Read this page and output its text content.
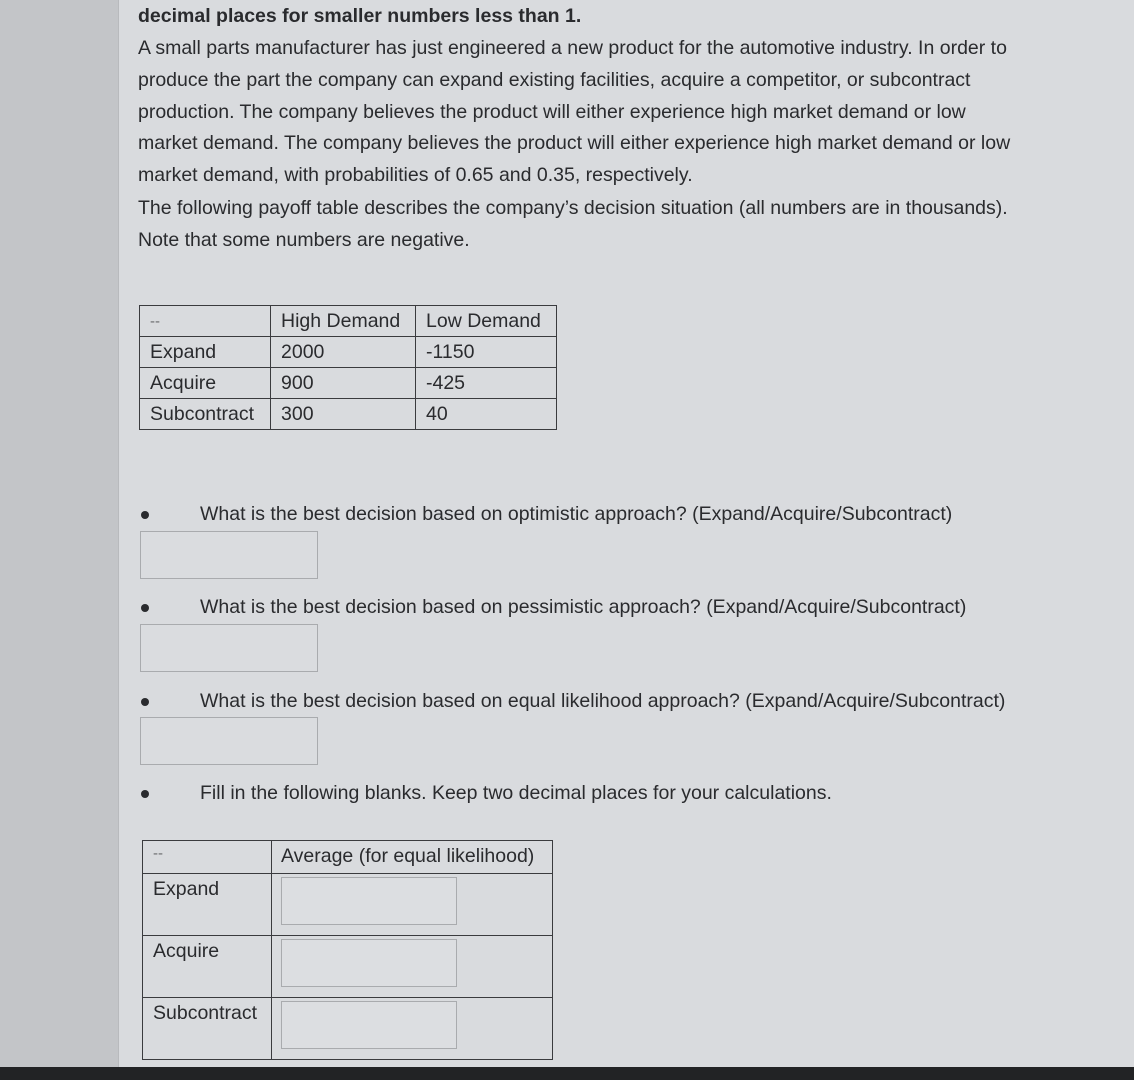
decimal places for smaller numbers less than 1.

A small parts manufacturer has just engineered a new product for the automotive industry. In order to
produce the part the company can expand existing facilities, acquire a competitor, or subcontract
production. The company believes the product will either experience high market demand or low
market demand. The company believes the product will either experience high market demand or low
market demand, with probabilities of 0.65 and 0.35, respectively.
The following payoff table describes the company’s decision situation (all numbers are in thousands).
Note that some numbers are negative.
--	High Demand	Low Demand
Expand	2000	-1150
Acquire	900	-425
Subcontract	300	40

What is the best decision based on optimistic approach? (Expand/Acquire/Subcontract)

What is the best decision based on pessimistic approach? (Expand/Acquire/Subcontract)

What is the best decision based on equal likelihood approach? (Expand/Acquire/Subcontract)

Fill in the following blanks. Keep two decimal places for your calculations.

--	Average (for equal likelihood)
Expand	

Acquire	

Subcontract	
